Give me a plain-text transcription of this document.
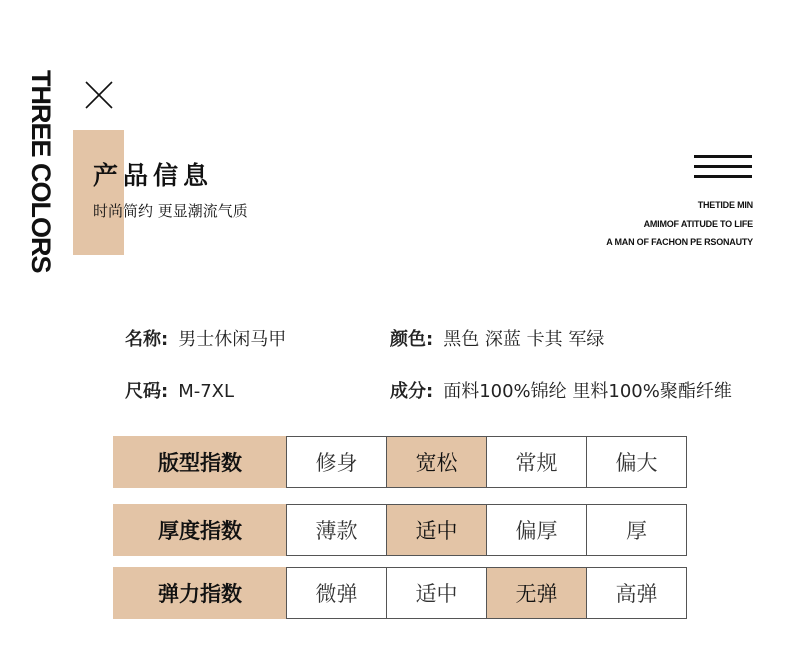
THREE COLORS 产品信息
时尚简约 更显潮流气质	THETIDE MIN
AMIMOF ATITUDE TO LIFE
A MAN OF FACHON PE RSONAUTY
名称: 男士休闲马甲	颜色: 黑色 深蓝 卡其 军绿
尺码: M-7XL	成分: 面料100%锦纶 里料100%聚酯纤维
版型指数	修身	宽松	常规	偏大
厚度指数	薄款	适中	偏厚	厚
弹力指数	微弹	适中	无弹	高弹
